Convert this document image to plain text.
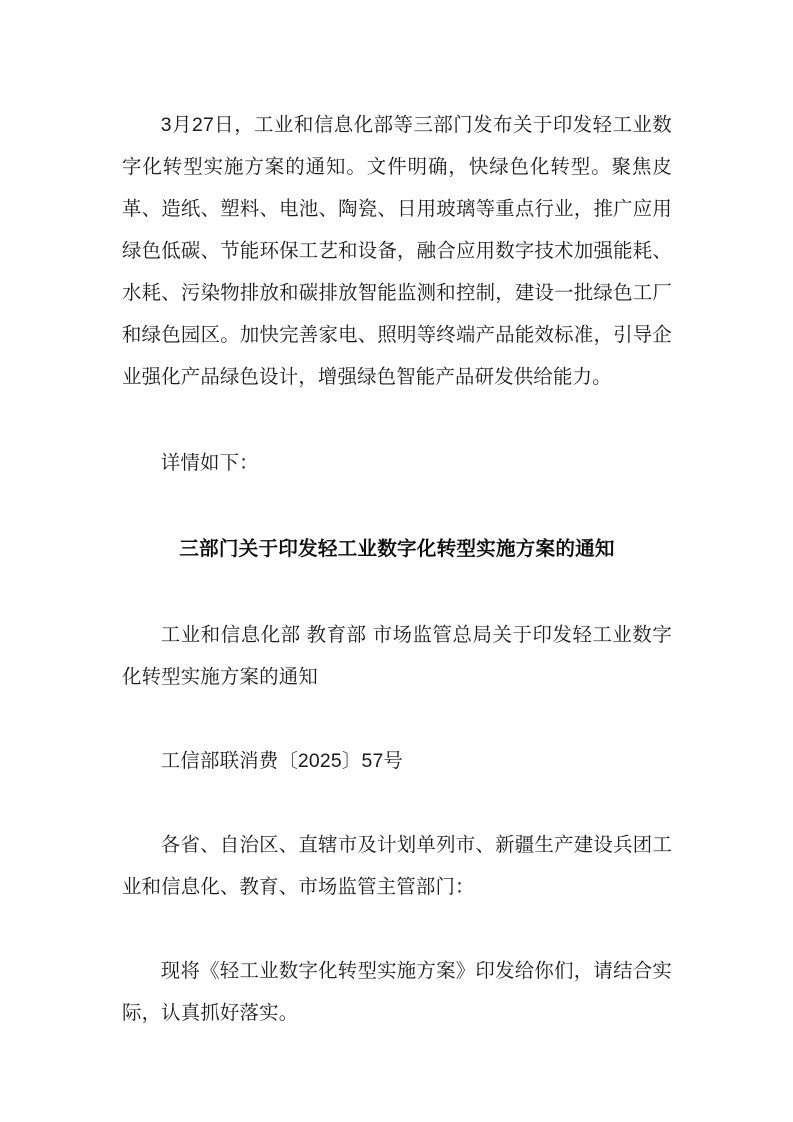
3月27日，工业和信息化部等三部门发布关于印发轻工业数字化转型实施方案的通知。文件明确，快绿色化转型。聚焦皮革、造纸、塑料、电池、陶瓷、日用玻璃等重点行业，推广应用绿色低碳、节能环保工艺和设备，融合应用数字技术加强能耗、水耗、污染物排放和碳排放智能监测和控制，建设一批绿色工厂和绿色园区。加快完善家电、照明等终端产品能效标准，引导企业强化产品绿色设计，增强绿色智能产品研发供给能力。

详情如下：

三部门关于印发轻工业数字化转型实施方案的通知

工业和信息化部 教育部 市场监管总局关于印发轻工业数字化转型实施方案的通知

工信部联消费〔2025〕57号

各省、自治区、直辖市及计划单列市、新疆生产建设兵团工业和信息化、教育、市场监管主管部门：

现将《轻工业数字化转型实施方案》印发给你们，请结合实际，认真抓好落实。
